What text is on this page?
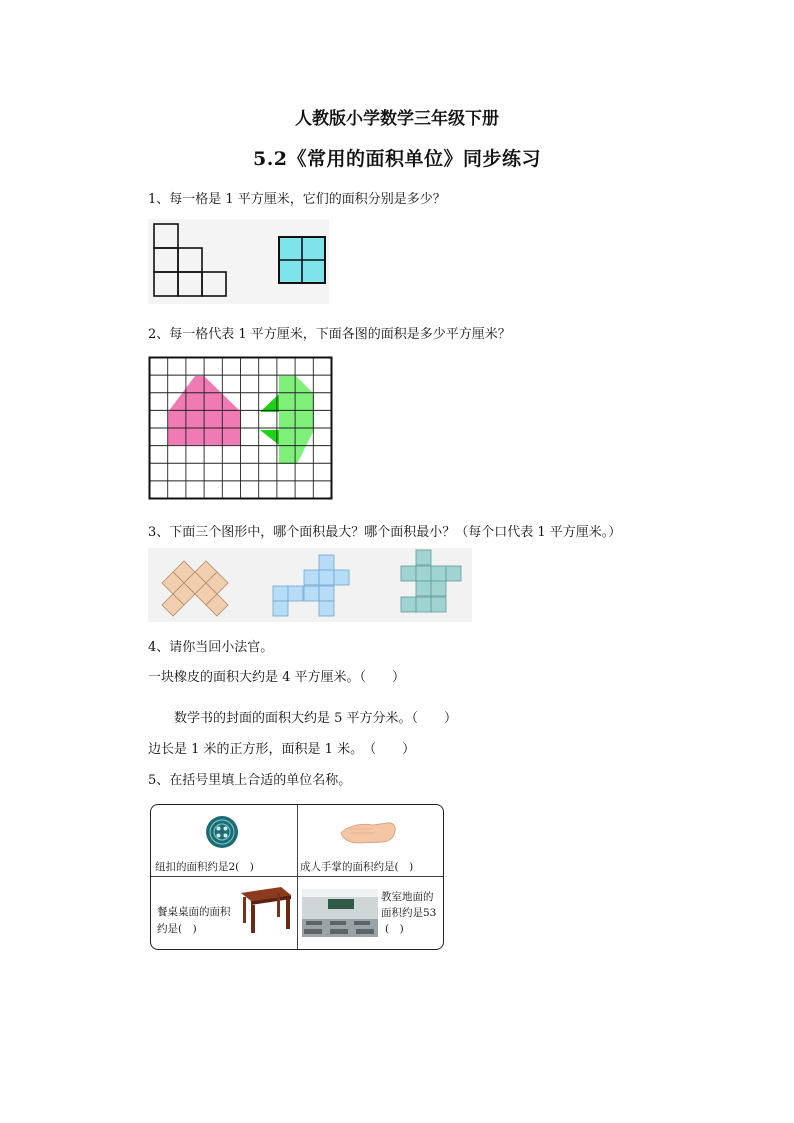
人教版小学数学三年级下册
5.2《常用的面积单位》同步练习
1、每一格是 1 平方厘米，它们的面积分别是多少？
2、每一格代表 1 平方厘米，下面各图的面积是多少平方厘米？
3、下面三个图形中，哪个面积最大？哪个面积最小？（每个口代表 1 平方厘米。）
4、请你当回小法官。
一块橡皮的面积大约是 4 平方厘米。（　　）
数学书的封面的面积大约是 5 平方分米。（　　）
边长是 1 米的正方形，面积是 1 米。　（　　）
5、在括号里填上合适的单位名称。
纽扣的面积约是2(　)	成人手掌的面积约是(　)
餐桌桌面的面积
约是(　)
教室地面的
面积约是53
(　)
